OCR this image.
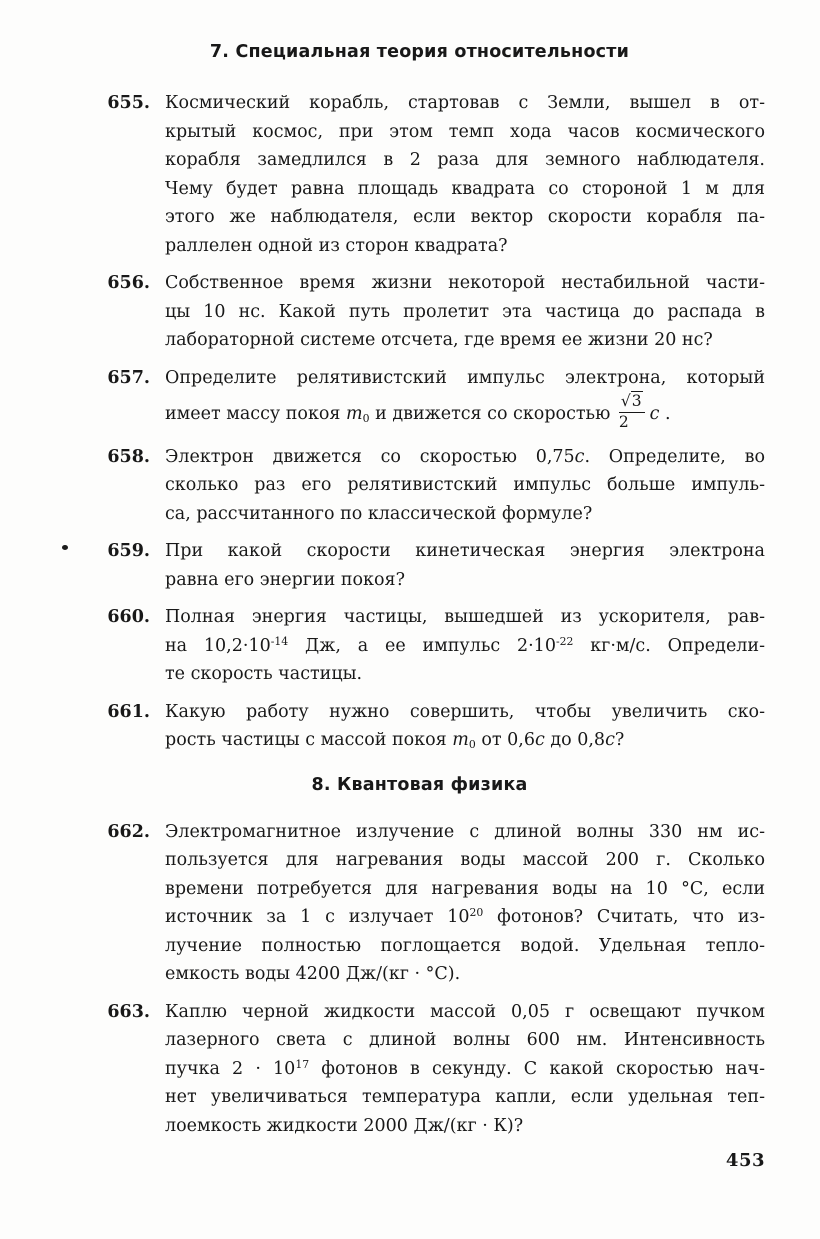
7. Специальная теория относительности
655. Космический корабль, стартовав с Земли, вышел в от-
крытый космос, при этом темп хода часов космического
корабля замедлился в 2 раза для земного наблюдателя.
Чему будет равна площадь квадрата со стороной 1 м для
этого же наблюдателя, если вектор скорости корабля па-
раллелен одной из сторон квадрата?
656. Собственное время жизни некоторой нестабильной части-
цы 10 нс. Какой путь пролетит эта частица до распада в
лабораторной системе отсчета, где время ее жизни 20 нс?
657. Определите релятивистский импульс электрона, который
имеет массу покоя m0 и движется со скоростью $\frac{√3}{2}$ c .
658. Электрон движется со скоростью 0,75c. Определите, во
сколько раз его релятивистский импульс больше импуль-
са, рассчитанного по классической формуле?
659. При какой скорости кинетическая энергия электрона
равна его энергии покоя?
660. Полная энергия частицы, вышедшей из ускорителя, рав-
на $10,2\cdot 10^{-14}$ Дж, а ее импульс $2\cdot 10^{-22}$ кг·м/с. Определи-
те скорость частицы.
661. Какую работу нужно совершить, чтобы увеличить ско-
рость частицы с массой покоя m0 от 0,6c до 0,8c?
8. Квантовая физика
662. Электромагнитное излучение с длиной волны 330 нм ис-
пользуется для нагревания воды массой 200 г. Сколько
времени потребуется для нагревания воды на 10 °С, если
источник за 1 с излучает $10^{20}$ фотонов? Считать, что из-
лучение полностью поглощается водой. Удельная тепло-
емкость воды 4200 Дж/(кг · °С).
663. Каплю черной жидкости массой 0,05 г освещают пучком
лазерного света с длиной волны 600 нм. Интенсивность
пучка $2 \cdot 10^{17}$ фотонов в секунду. С какой скоростью нач-
нет увеличиваться температура капли, если удельная теп-
лоемкость жидкости 2000 Дж/(кг · К)?
453
